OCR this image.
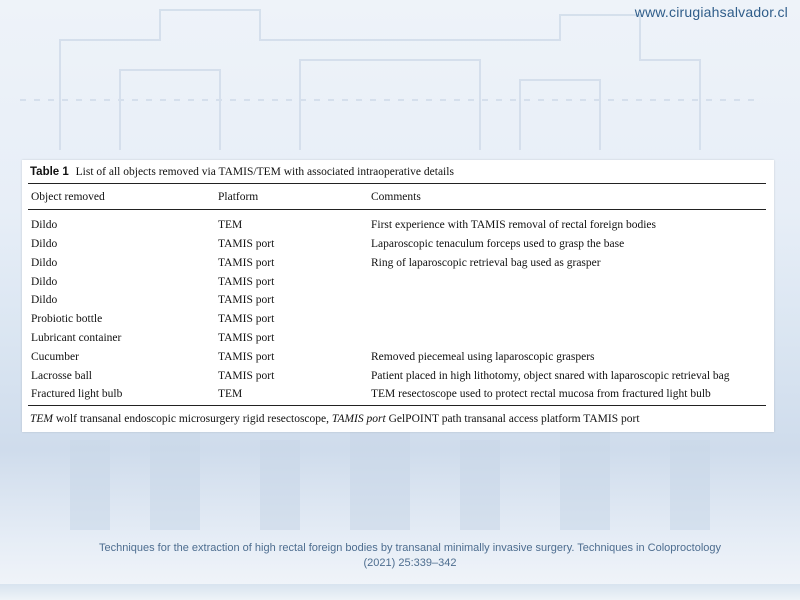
www.cirugiahsalvador.cl
Table 1 List of all objects removed via TAMIS/TEM with associated intraoperative details
Object removed	Platform	Comments
Dildo	TEM	First experience with TAMIS removal of rectal foreign bodies
Dildo	TAMIS port	Laparoscopic tenaculum forceps used to grasp the base
Dildo	TAMIS port	Ring of laparoscopic retrieval bag used as grasper
Dildo	TAMIS port
Dildo	TAMIS port
Probiotic bottle	TAMIS port
Lubricant container	TAMIS port
Cucumber	TAMIS port	Removed piecemeal using laparoscopic graspers
Lacrosse ball	TAMIS port	Patient placed in high lithotomy, object snared with laparoscopic retrieval bag
Fractured light bulb	TEM	TEM resectoscope used to protect rectal mucosa from fractured light bulb
TEM wolf transanal endoscopic microsurgery rigid resectoscope, TAMIS port GelPOINT path transanal access platform TAMIS port
Techniques for the extraction of high rectal foreign bodies by transanal minimally invasive surgery. Techniques in Coloproctology
(2021) 25:339–342
